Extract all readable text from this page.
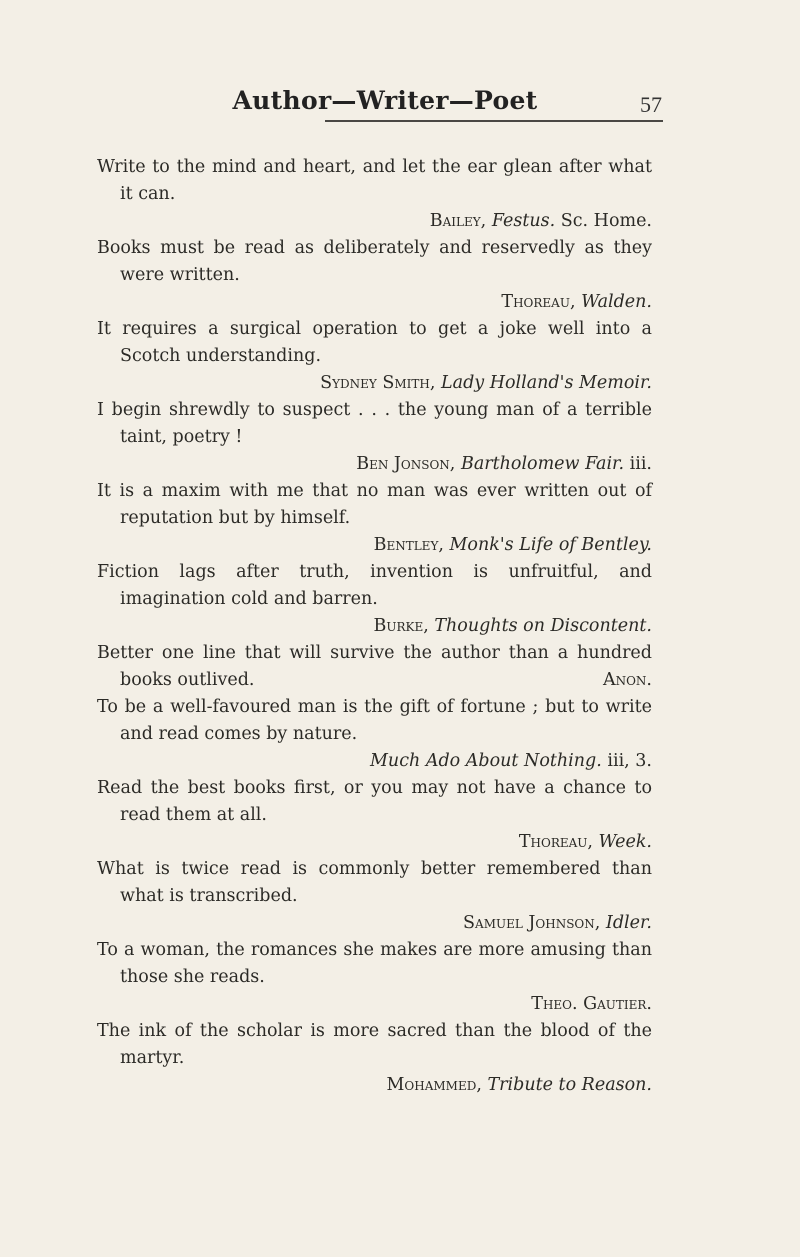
Author—Writer—Poet	57

Write to the mind and heart, and let the ear glean after what it can.

Bailey, Festus. Sc. Home.

Books must be read as deliberately and reservedly as they were written.

Thoreau, Walden.

It requires a surgical operation to get a joke well into a Scotch understanding.

Sydney Smith, Lady Holland's Memoir.

I begin shrewdly to suspect . . . the young man of a terrible taint, poetry !

Ben Jonson, Bartholomew Fair. iii.

It is a maxim with me that no man was ever written out of reputation but by himself.

Bentley, Monk's Life of Bentley.

Fiction lags after truth, invention is unfruitful, and imagination cold and barren.

Burke, Thoughts on Discontent.

Better one line that will survive the author than a hundred books outlived.	Anon.

To be a well-favoured man is the gift of fortune ; but to write and read comes by nature.

Much Ado About Nothing. iii, 3.

Read the best books first, or you may not have a chance to read them at all.

Thoreau, Week.

What is twice read is commonly better remembered than what is transcribed.

Samuel Johnson, Idler.

To a woman, the romances she makes are more amusing than those she reads.

Theo. Gautier.

The ink of the scholar is more sacred than the blood of the martyr.

Mohammed, Tribute to Reason.
